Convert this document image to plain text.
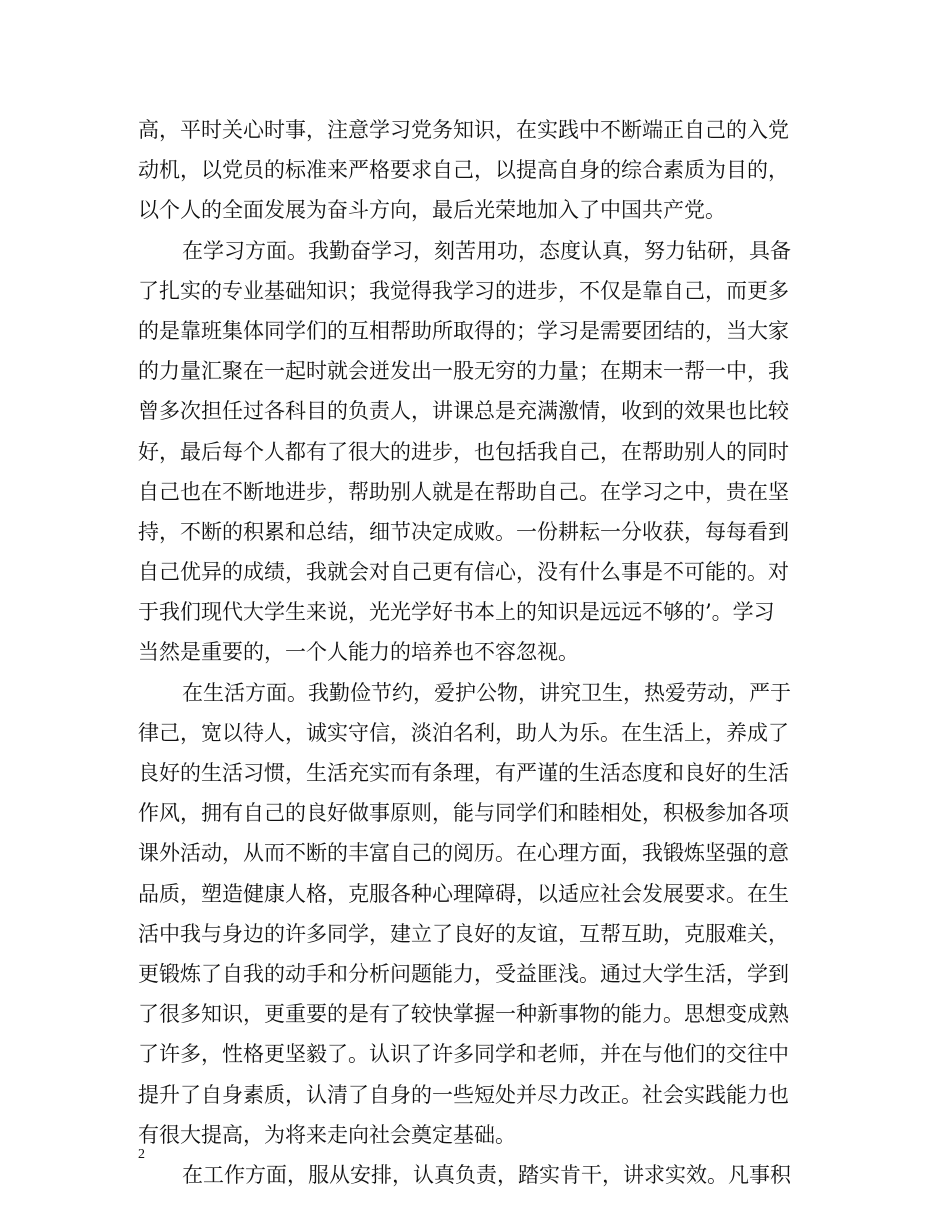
高，平时关心时事，注意学习党务知识，在实践中不断端正自己的入党
动机，以党员的标准来严格要求自己，以提高自身的综合素质为目的，
以个人的全面发展为奋斗方向，最后光荣地加入了中国共产党。
在学习方面。我勤奋学习，刻苦用功，态度认真，努力钻研，具备
了扎实的专业基础知识；我觉得我学习的进步，不仅是靠自己，而更多
的是靠班集体同学们的互相帮助所取得的；学习是需要团结的，当大家
的力量汇聚在一起时就会迸发出一股无穷的力量；在期末一帮一中，我
曾多次担任过各科目的负责人，讲课总是充满激情，收到的效果也比较
好，最后每个人都有了很大的进步，也包括我自己，在帮助别人的同时
自己也在不断地进步，帮助别人就是在帮助自己。在学习之中，贵在坚
持，不断的积累和总结，细节决定成败。一份耕耘一分收获，每每看到
自己优异的成绩，我就会对自己更有信心，没有什么事是不可能的。对
于我们现代大学生来说，光光学好书本上的知识是远远不够的’。学习
当然是重要的，一个人能力的培养也不容忽视。
在生活方面。我勤俭节约，爱护公物，讲究卫生，热爱劳动，严于
律己，宽以待人，诚实守信，淡泊名利，助人为乐。在生活上，养成了
良好的生活习惯，生活充实而有条理，有严谨的生活态度和良好的生活
作风，拥有自己的良好做事原则，能与同学们和睦相处，积极参加各项
课外活动，从而不断的丰富自己的阅历。在心理方面，我锻炼坚强的意
品质，塑造健康人格，克服各种心理障碍，以适应社会发展要求。在生
活中我与身边的许多同学，建立了良好的友谊，互帮互助，克服难关，
更锻炼了自我的动手和分析问题能力，受益匪浅。通过大学生活，学到
了很多知识，更重要的是有了较快掌握一种新事物的能力。思想变成熟
了许多，性格更坚毅了。认识了许多同学和老师，并在与他们的交往中
提升了自身素质，认清了自身的一些短处并尽力改正。社会实践能力也
有很大提高，为将来走向社会奠定基础。
在工作方面，服从安排，认真负责，踏实肯干，讲求实效。凡事积
2
